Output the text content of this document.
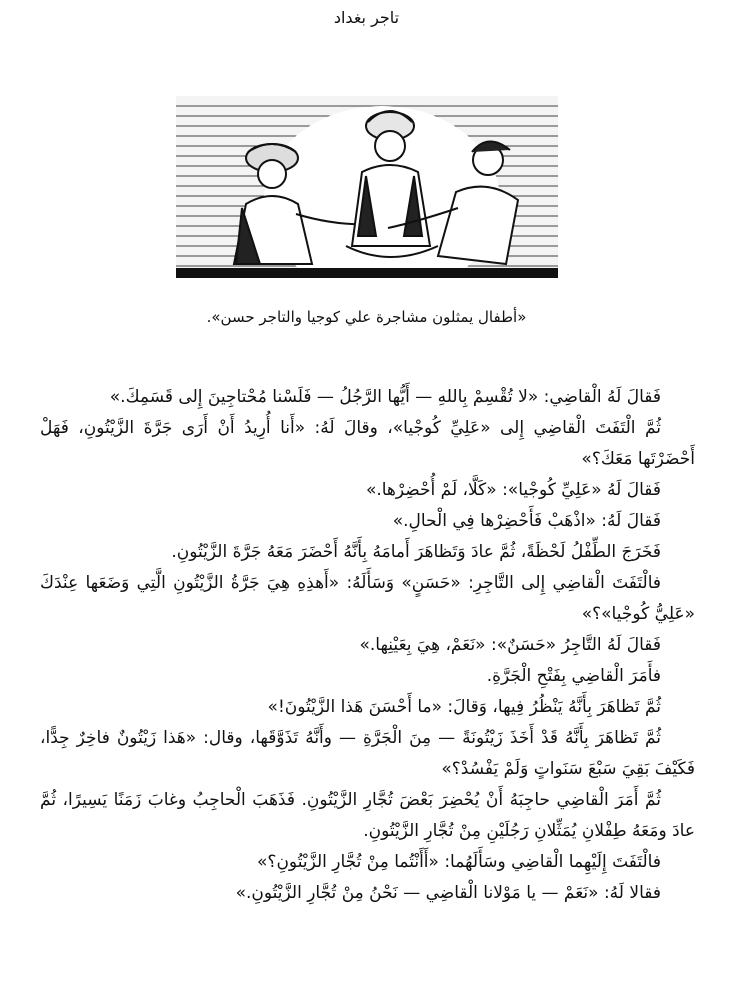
تاجر بغداد
«أطفال يمثلون مشاجرة علي كوجيا والتاجر حسن».

فَقالَ لَهُ الْقاضِي: «لا تُقْسِمْ بِاللهِ — أَيُّها الرَّجُلُ — فَلَسْنا مُحْتاجِينَ إِلى قَسَمِكَ.»

ثُمَّ الْتَفَتَ الْقاضِي إِلى «عَلِيِّ كُوجْيا»، وقالَ لَهُ: «أَنا أُرِيدُ أَنْ أَرَى جَرَّةَ الزَّيْتُونِ، فَهَلْ أَحْضَرْتَها مَعَكَ؟»

فَقالَ لَهُ «عَلِيِّ كُوجْيا»: «كَلَّا، لَمْ أُحْضِرْها.»

فَقالَ لَهُ: «اذْهَبْ فَأَحْضِرْها فِي الْحالِ.»

فَخَرَجَ الطِّفْلُ لَحْظَةً، ثُمَّ عادَ وَتَظاهَرَ أَمامَهُ بِأَنَّهُ أَحْضَرَ مَعَهُ جَرَّةَ الزَّيْتُونِ.

فالْتَفَتَ الْقاضِي إِلى التَّاجِرِ: «حَسَنٍ» وَسَأَلَهُ: «أَهذِهِ هِيَ جَرَّةُ الزَّيْتُونِ الَّتِي وَضَعَها عِنْدَكَ «عَلِيُّ كُوجْيا»؟»

فَقالَ لَهُ التَّاجِرُ «حَسَنٌ»: «نَعَمْ، هِيَ بِعَيْنِها.»

فأَمَرَ الْقاضِي بِفَتْحِ الْجَرَّةِ.

ثُمَّ تَظاهَرَ بِأَنَّهُ يَنْظُرُ فِيها، وَقالَ: «ما أَحْسَنَ هَذا الزَّيْتُونَ!»

ثُمَّ تَظاهَرَ بِأَنَّهُ قَدْ أَخَذَ زَيْتُونَةً — مِنَ الْجَرَّةِ — وأَنَّهُ تَذَوَّقَها، وقال: «هَذا زَيْتُونٌ فاخِرٌ جِدًّا، فَكَيْفَ بَقِيَ سَبْعَ سَنَواتٍ وَلَمْ يَفْسُدْ؟»

ثُمَّ أَمَرَ الْقاضِي حاجِبَهُ أَنْ يُحْضِرَ بَعْضَ تُجَّارِ الزَّيْتُونِ. فَذَهَبَ الْحاجِبُ وغابَ زَمَنًا يَسِيرًا، ثُمَّ عادَ ومَعَهُ طِفْلانِ يُمَثِّلانِ رَجُلَيْنِ مِنْ تُجَّارِ الزَّيْتُونِ.

فالْتَفَتَ إِلَيْهِما الْقاضِي وسَأَلَهُما: «أَأَنْتُما مِنْ تُجَّارِ الزَّيْتُونِ؟»

فقالا لَهُ: «نَعَمْ — يا مَوْلانا الْقاضِي — نَحْنُ مِنْ تُجَّارِ الزَّيْتُونِ.»
